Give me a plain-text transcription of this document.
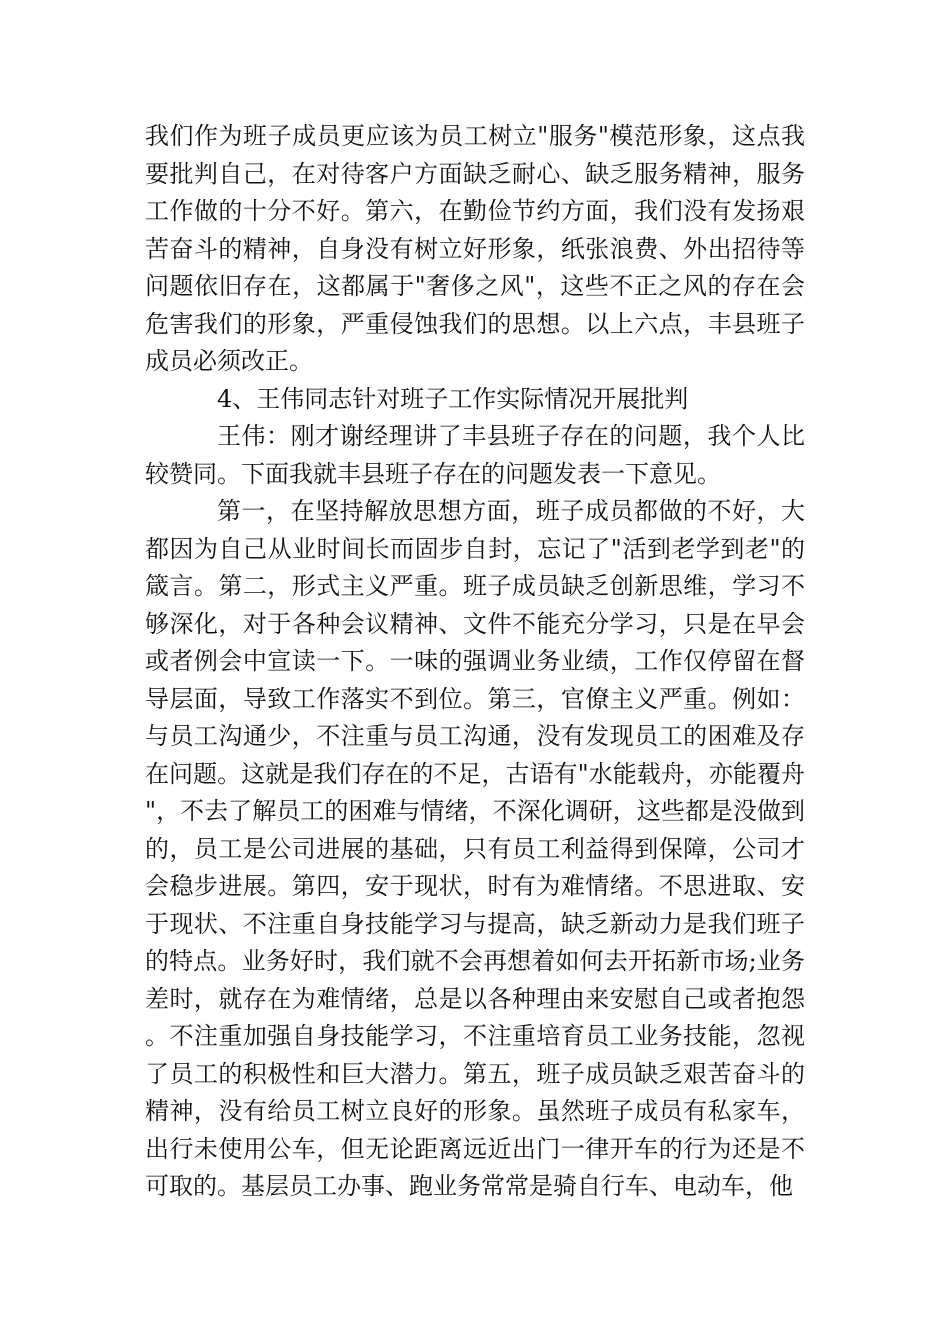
我们作为班子成员更应该为员工树立"服务"模范形象，这点我要批判自己，在对待客户方面缺乏耐心、缺乏服务精神，服务工作做的十分不好。第六，在勤俭节约方面，我们没有发扬艰苦奋斗的精神，自身没有树立好形象，纸张浪费、外出招待等问题依旧存在，这都属于"奢侈之风"，这些不正之风的存在会危害我们的形象，严重侵蚀我们的思想。以上六点，丰县班子成员必须改正。

4、王伟同志针对班子工作实际情况开展批判

王伟：刚才谢经理讲了丰县班子存在的问题，我个人比较赞同。下面我就丰县班子存在的问题发表一下意见。

第一，在坚持解放思想方面，班子成员都做的不好，大都因为自己从业时间长而固步自封，忘记了"活到老学到老"的箴言。第二，形式主义严重。班子成员缺乏创新思维，学习不够深化，对于各种会议精神、文件不能充分学习，只是在早会或者例会中宣读一下。一味的强调业务业绩，工作仅停留在督导层面，导致工作落实不到位。第三，官僚主义严重。例如：与员工沟通少，不注重与员工沟通，没有发现员工的困难及存在问题。这就是我们存在的不足，古语有"水能载舟，亦能覆舟"，不去了解员工的困难与情绪，不深化调研，这些都是没做到的，员工是公司进展的基础，只有员工利益得到保障，公司才会稳步进展。第四，安于现状，时有为难情绪。不思进取、安于现状、不注重自身技能学习与提高，缺乏新动力是我们班子的特点。业务好时，我们就不会再想着如何去开拓新市场;业务差时，就存在为难情绪，总是以各种理由来安慰自己或者抱怨。不注重加强自身技能学习，不注重培育员工业务技能，忽视了员工的积极性和巨大潜力。第五，班子成员缺乏艰苦奋斗的精神，没有给员工树立良好的形象。虽然班子成员有私家车，出行未使用公车，但无论距离远近出门一律开车的行为还是不可取的。基层员工办事、跑业务常常是骑自行车、电动车，他
